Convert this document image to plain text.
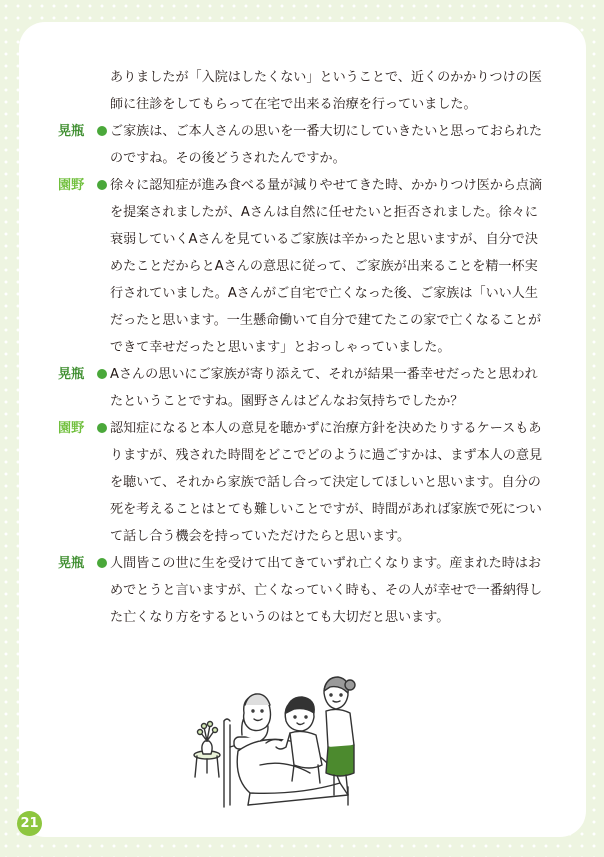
ありましたが「入院はしたくない」ということで、近くのかかりつけの医師に往診をしてもらって在宅で出来る治療を行っていました。
晃瓶	ご家族は、ご本人さんの思いを一番大切にしていきたいと思っておられたのですね。その後どうされたんですか。
園野	徐々に認知症が進み食べる量が減りやせてきた時、かかりつけ医から点滴を提案されましたが、Aさんは自然に任せたいと拒否されました。徐々に衰弱していくAさんを見ているご家族は辛かったと思いますが、自分で決めたことだからとAさんの意思に従って、ご家族が出来ることを精一杯実行されていました。Aさんがご自宅で亡くなった後、ご家族は「いい人生だったと思います。一生懸命働いて自分で建てたこの家で亡くなることができて幸せだったと思います」とおっしゃっていました。
晃瓶	Aさんの思いにご家族が寄り添えて、それが結果一番幸せだったと思われたということですね。園野さんはどんなお気持ちでしたか？
園野	認知症になると本人の意見を聴かずに治療方針を決めたりするケースもありますが、残された時間をどこでどのように過ごすかは、まず本人の意見を聴いて、それから家族で話し合って決定してほしいと思います。自分の死を考えることはとても難しいことですが、時間があれば家族で死について話し合う機会を持っていただけたらと思います。
晃瓶	人間皆この世に生を受けて出てきていずれ亡くなります。産まれた時はおめでとうと言いますが、亡くなっていく時も、その人が幸せで一番納得した亡くなり方をするというのはとても大切だと思います。
21
